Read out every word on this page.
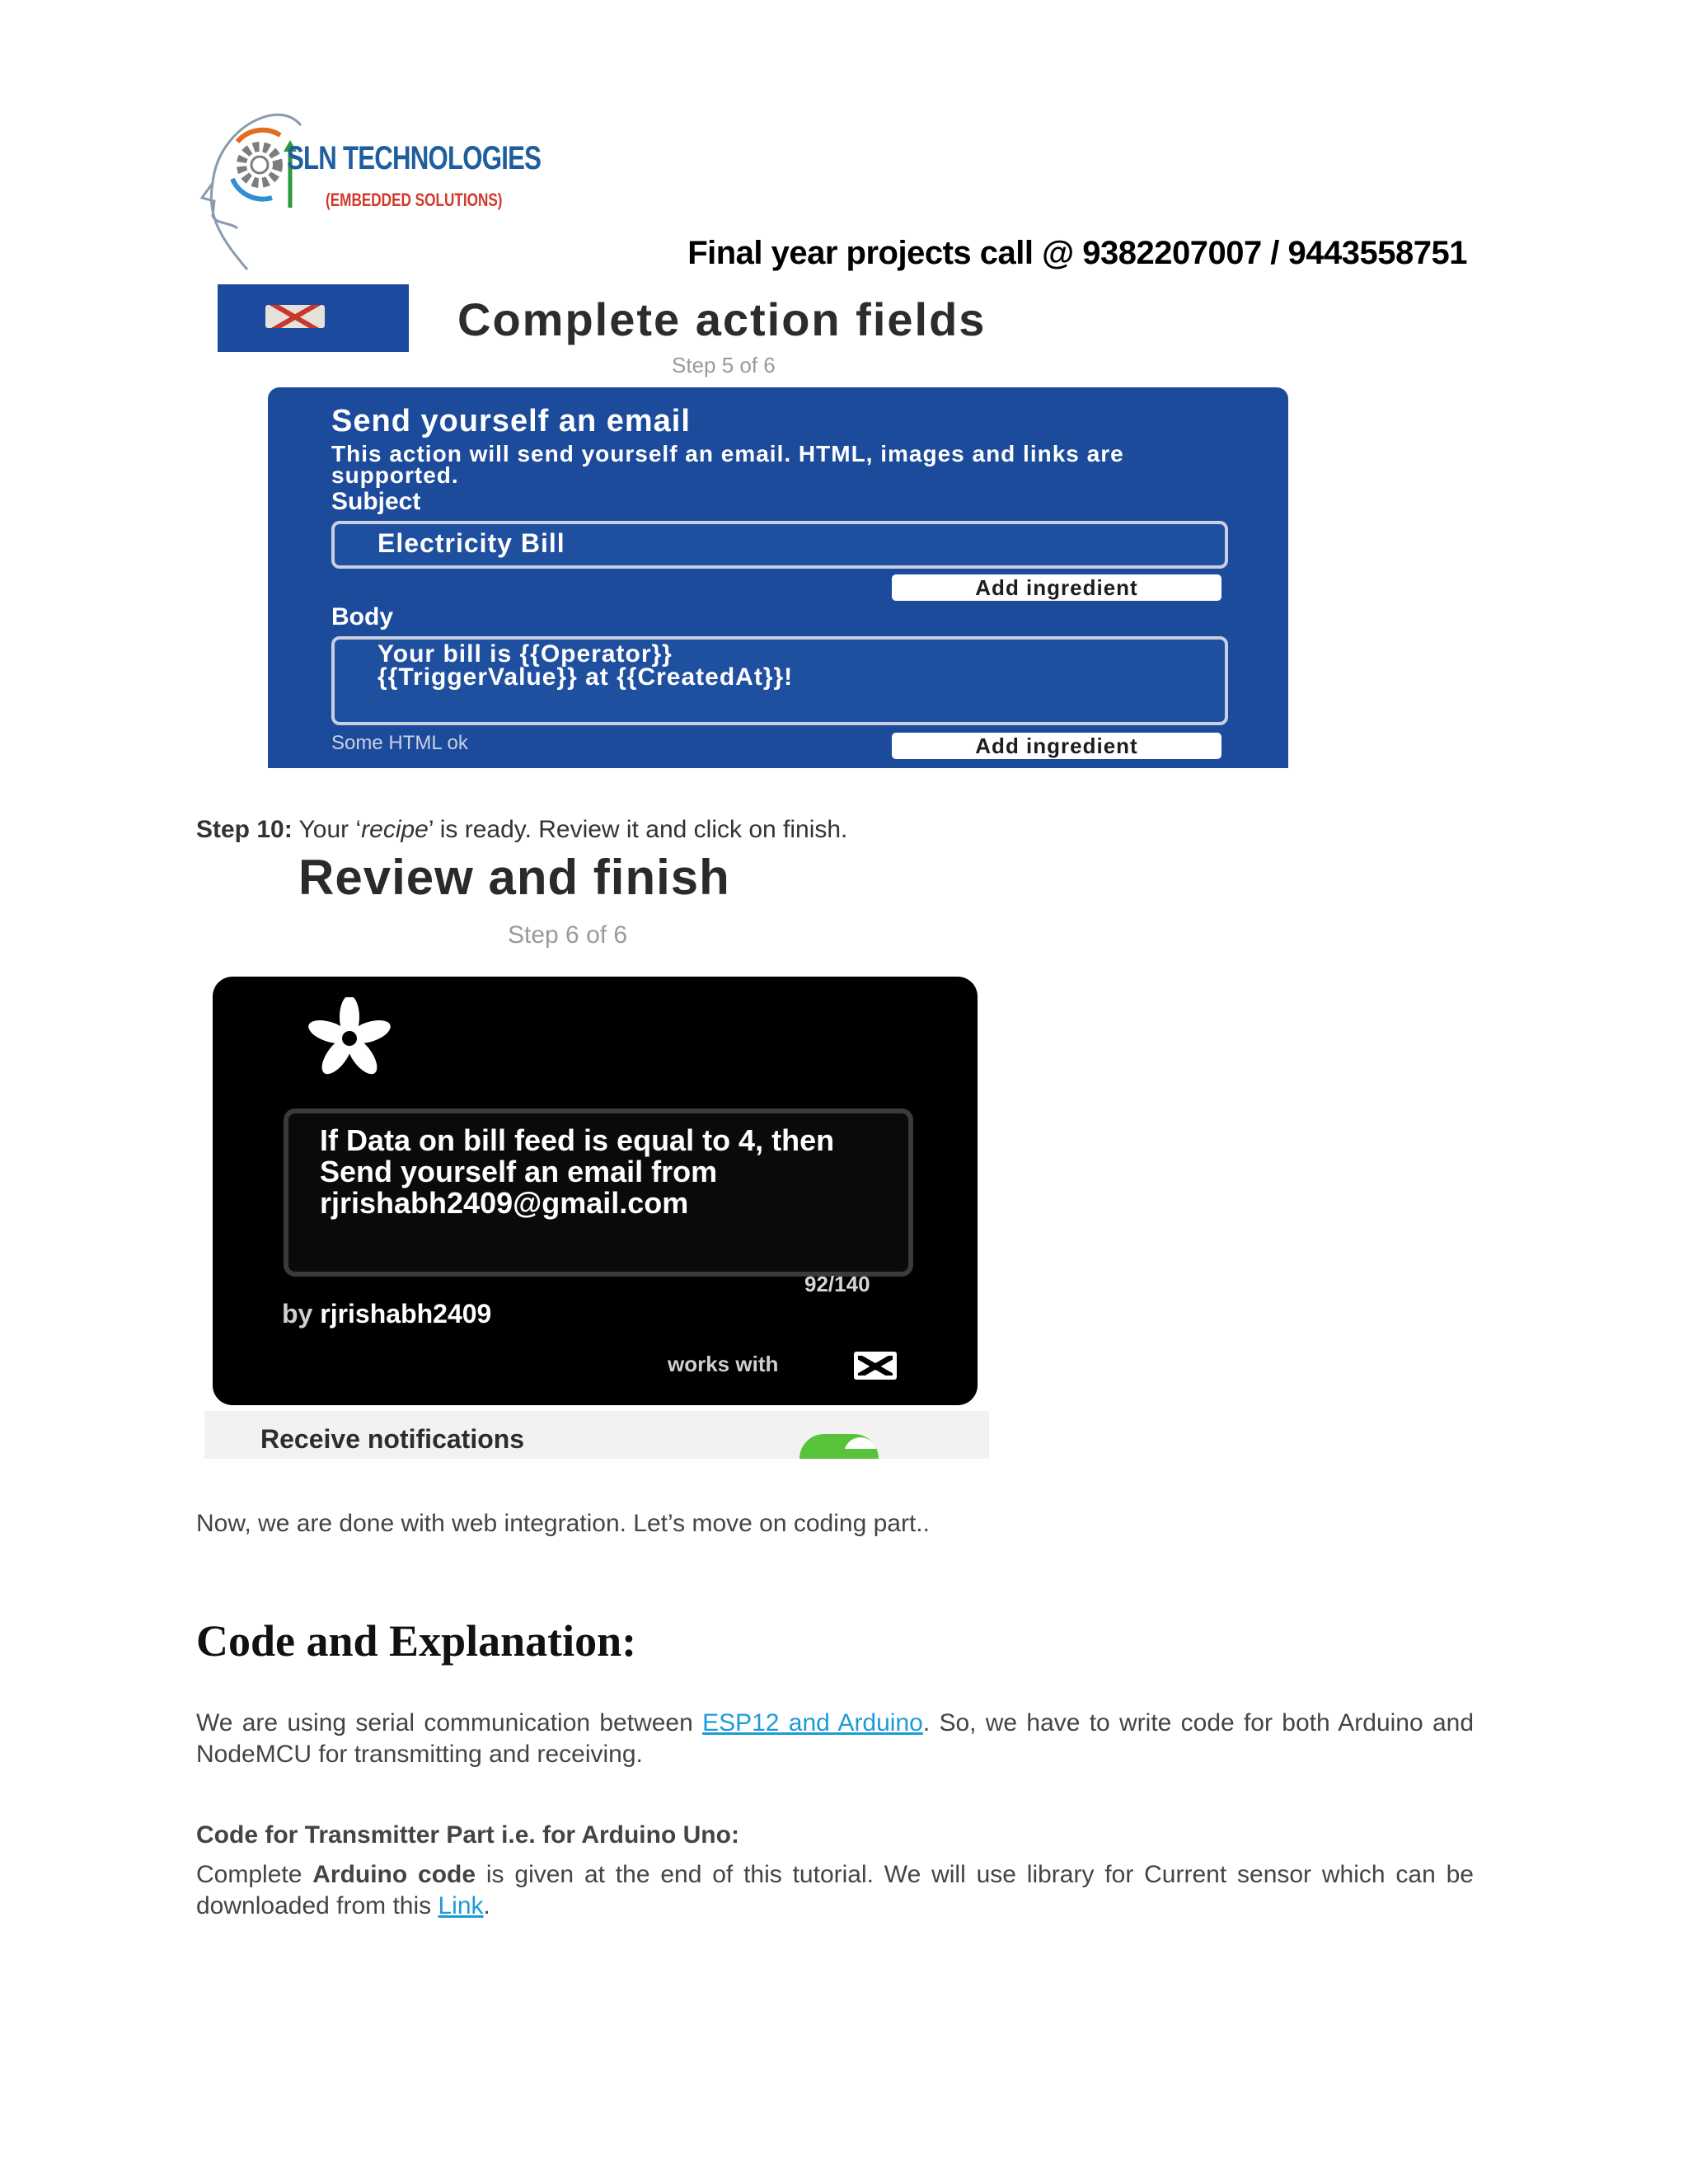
SLN TECHNOLOGIES
(EMBEDDED SOLUTIONS)
Final year projects call @ 9382207007 / 9443558751
Complete action fields
Step 5 of 6
Send yourself an email
This action will send yourself an email. HTML, images and links are supported.
Subject
Electricity Bill
Add ingredient
Body
Your bill is {{Operator}}
{{TriggerValue}} at {{CreatedAt}}!
Some HTML ok	Add ingredient
Step 10: Your ‘recipe’ is ready. Review it and click on finish.
Review and finish
Step 6 of 6
If Data on bill feed is equal to 4, then Send yourself an email from rjrishabh2409@gmail.com
92/140
by rjrishabh2409
works with
Receive notifications
Now, we are done with web integration. Let’s move on coding part..
Code and Explanation:
We are using serial communication between ESP12 and Arduino. So, we have to write code for both Arduino and NodeMCU for transmitting and receiving.
Code for Transmitter Part i.e. for Arduino Uno:
Complete Arduino code is given at the end of this tutorial. We will use library for Current sensor which can be downloaded from this Link.
